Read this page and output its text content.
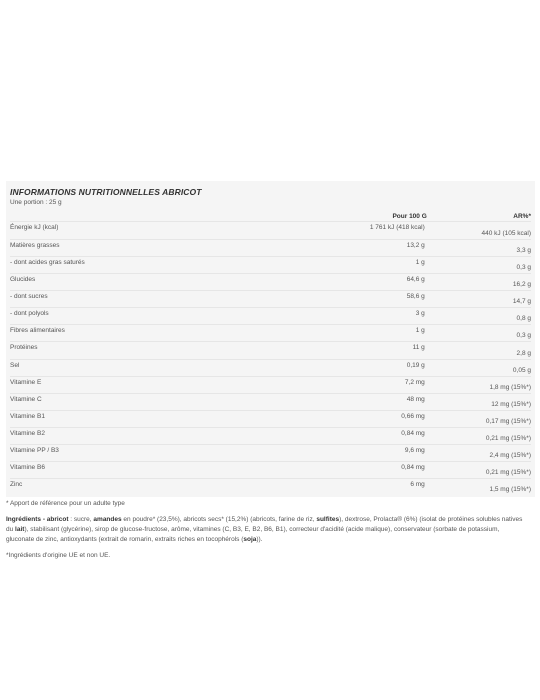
INFORMATIONS NUTRITIONNELLES ABRICOT
Une portion : 25 g
	Pour 100 G	AR%*
Énergie kJ (kcal)	1 761 kJ (418 kcal)	440 kJ (105 kcal)
Matières grasses	13,2 g	3,3 g
- dont acides gras saturés	1 g	0,3 g
Glucides	64,6 g	16,2 g
- dont sucres	58,6 g	14,7 g
- dont polyols	3 g	0,8 g
Fibres alimentaires	1 g	0,3 g
Protéines	11 g	2,8 g
Sel	0,19 g	0,05 g
Vitamine E	7,2 mg	1,8 mg (15%*)
Vitamine C	48 mg	12 mg (15%*)
Vitamine B1	0,66 mg	0,17 mg (15%*)
Vitamine B2	0,84 mg	0,21 mg (15%*)
Vitamine PP / B3	9,6 mg	2,4 mg (15%*)
Vitamine B6	0,84 mg	0,21 mg (15%*)
Zinc	6 mg	1,5 mg (15%*)
* Apport de référence pour un adulte type
Ingrédients - abricot : sucre, amandes en poudre* (23,5%), abricots secs* (15,2%) (abricots, farine de riz, sulfites), dextrose, Prolacta® (6%) (isolat de protéines solubles natives du lait), stabilisant (glycérine), sirop de glucose-fructose, arôme, vitamines (C, B3, E, B2, B6, B1), correcteur d'acidité (acide malique), conservateur (sorbate de potassium, gluconate de zinc, antioxydants (extrait de romarin, extraits riches en tocophérols (soja)).
*Ingrédients d'origine UE et non UE.
